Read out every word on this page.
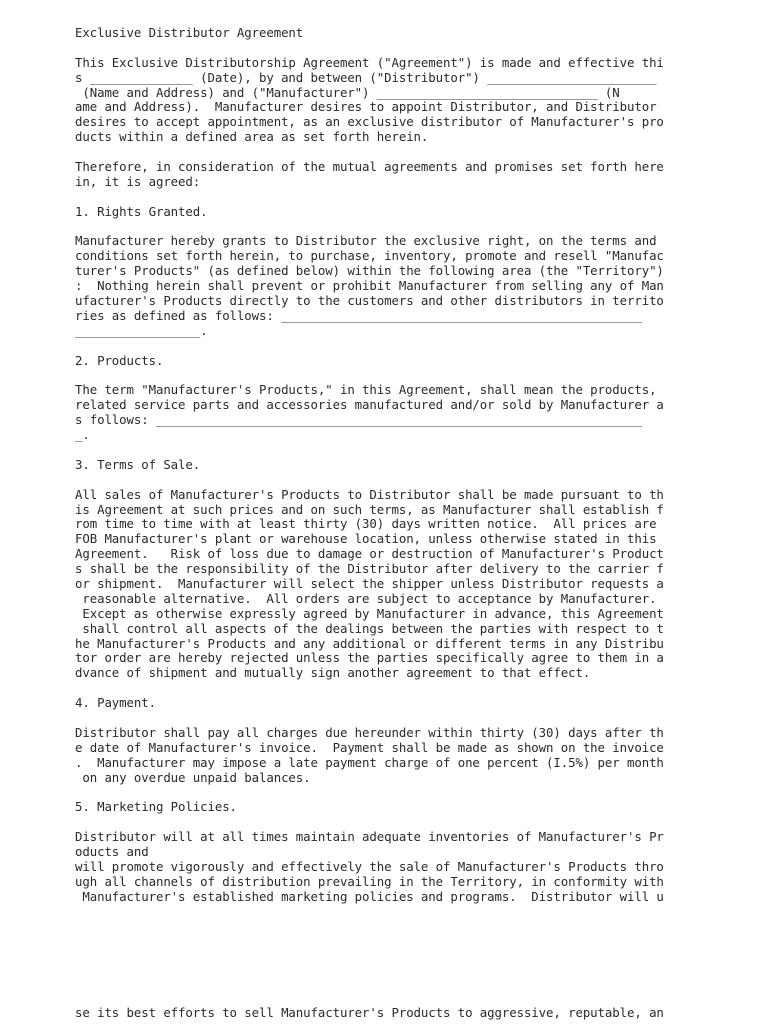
Exclusive Distributor Agreement
This Exclusive Distributorship Agreement ("Agreement") is made and effective thi
s ______________ (Date), by and between ("Distributor") _______________________
(Name and Address) and ("Manufacturer") ______________________________ (N
ame and Address).  Manufacturer desires to appoint Distributor, and Distributor
desires to accept appointment, as an exclusive distributor of Manufacturer's pro
ducts within a defined area as set forth herein.
Therefore, in consideration of the mutual agreements and promises set forth here
in, it is agreed:
1. Rights Granted.
Manufacturer hereby grants to Distributor the exclusive right, on the terms and
conditions set forth herein, to purchase, inventory, promote and resell "Manufac
turer's Products" (as defined below) within the following area (the "Territory")
:  Nothing herein shall prevent or prohibit Manufacturer from selling any of Man
ufacturer's Products directly to the customers and other distributors in territo
ries as defined as follows: _________________________________________________
_________________.
2. Products.
The term "Manufacturer's Products," in this Agreement, shall mean the products,
related service parts and accessories manufactured and/or sold by Manufacturer a
s follows: __________________________________________________________________
_.
3. Terms of Sale.
All sales of Manufacturer's Products to Distributor shall be made pursuant to th
is Agreement at such prices and on such terms, as Manufacturer shall establish f
rom time to time with at least thirty (30) days written notice.  All prices are
FOB Manufacturer's plant or warehouse location, unless otherwise stated in this
Agreement.   Risk of loss due to damage or destruction of Manufacturer's Product
s shall be the responsibility of the Distributor after delivery to the carrier f
or shipment.  Manufacturer will select the shipper unless Distributor requests a
reasonable alternative.  All orders are subject to acceptance by Manufacturer.
Except as otherwise expressly agreed by Manufacturer in advance, this Agreement
shall control all aspects of the dealings between the parties with respect to t
he Manufacturer's Products and any additional or different terms in any Distribu
tor order are hereby rejected unless the parties specifically agree to them in a
dvance of shipment and mutually sign another agreement to that effect.
4. Payment.
Distributor shall pay all charges due hereunder within thirty (30) days after th
e date of Manufacturer's invoice.  Payment shall be made as shown on the invoice
.  Manufacturer may impose a late payment charge of one percent (I.5%) per month
on any overdue unpaid balances.
5. Marketing Policies.
Distributor will at all times maintain adequate inventories of Manufacturer's Pr
oducts and
will promote vigorously and effectively the sale of Manufacturer's Products thro
ugh all channels of distribution prevailing in the Territory, in conformity with
Manufacturer's established marketing policies and programs.  Distributor will u
se its best efforts to sell Manufacturer's Products to aggressive, reputable, an
